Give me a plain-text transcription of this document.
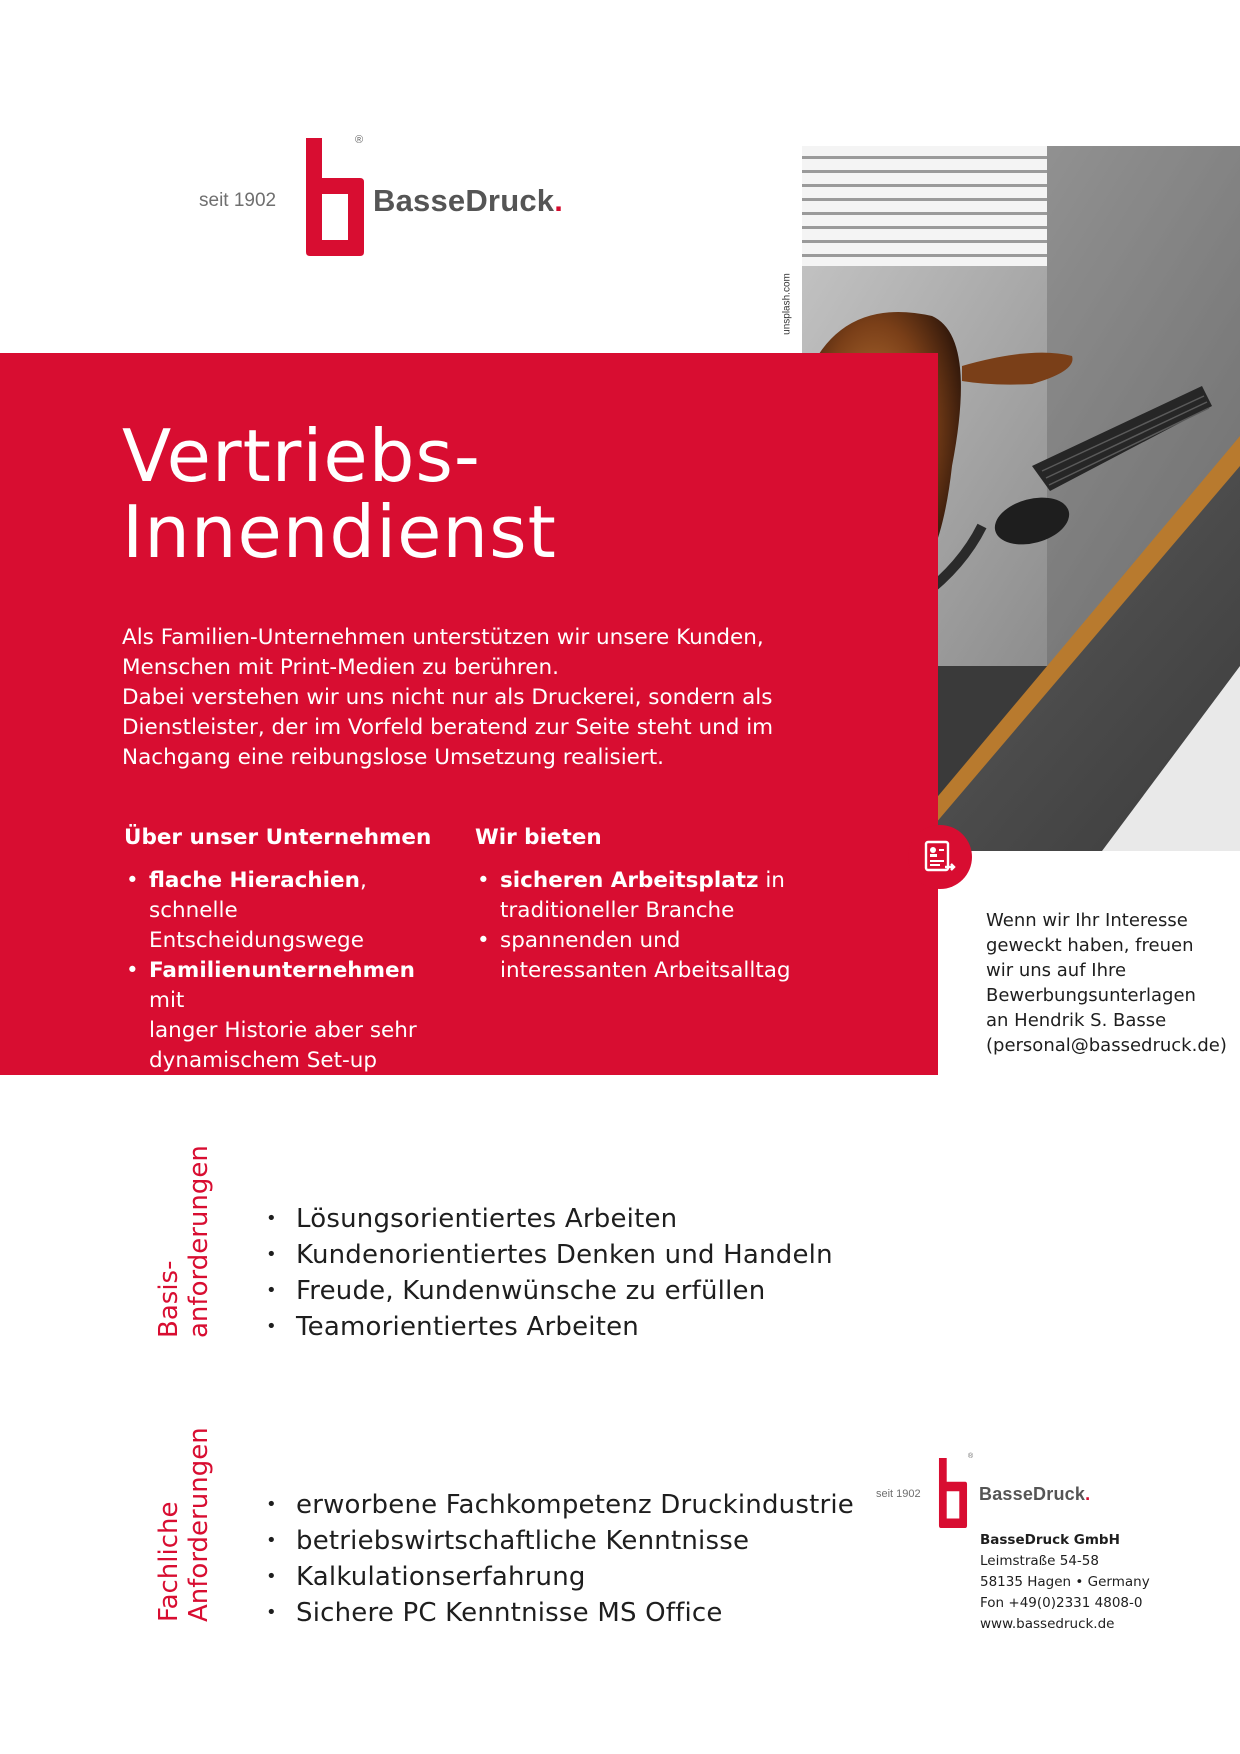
seit 1902
®
BasseDruck.
unsplash.com
Vertriebs-
Innendienst

Als Familien-Unternehmen unterstützen wir unsere Kunden,
Menschen mit Print-Medien zu berühren.
Dabei verstehen wir uns nicht nur als Druckerei, sondern als
Dienstleister, der im Vorfeld beratend zur Seite steht und im
Nachgang eine reibungslose Umsetzung realisiert.

Über unser Unternehmen
• flache Hierachien,
schnelle Entscheidungswege
• Familienunternehmen mit
langer Historie aber sehr
dynamischem Set-up
Wir bieten
• sicheren Arbeitsplatz in
traditioneller Branche
• spannenden und
interessanten Arbeitsalltag
Wenn wir Ihr Interesse
geweckt haben, freuen
wir uns auf Ihre
Bewerbungsunterlagen
an Hendrik S. Basse
(personal@bassedruck.de)
Basis- anforderungen	• Lösungsorientiertes Arbeiten
• Kundenorientiertes Denken und Handeln
• Freude, Kundenwünsche zu erfüllen
• Teamorientiertes Arbeiten
Fachliche Anforderungen	• erworbene Fachkompetenz Druckindustrie
• betriebswirtschaftliche Kenntnisse
• Kalkulationserfahrung
• Sichere PC Kenntnisse MS Office
seit 1902
®
BasseDruck.
BasseDruck GmbH
Leimstraße 54-58
58135 Hagen • Germany
Fon +49(0)2331 4808-0
www.bassedruck.de
